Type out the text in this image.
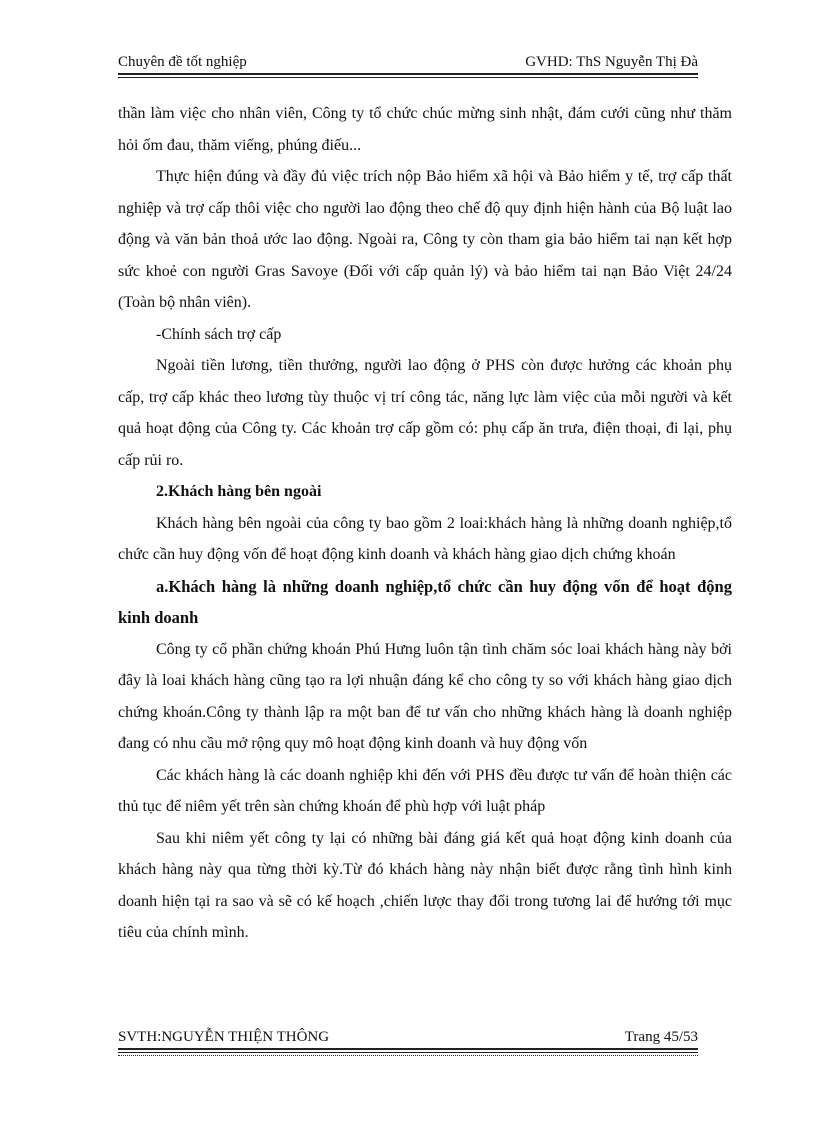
Chuyên đề tốt nghiệp	GVHD: ThS Nguyễn Thị Đà

thần làm việc cho nhân viên, Công ty tổ chức chúc mừng sinh nhật, đám cưới cũng như thăm hỏi ốm đau, thăm viếng, phúng điếu...

Thực hiện đúng và đầy đủ việc trích nộp Bảo hiểm xã hội và Bảo hiểm y tế, trợ cấp thất nghiệp và trợ cấp thôi việc cho người lao động theo chế độ quy định hiện hành của Bộ luật lao động và văn bản thoả ước lao động. Ngoài ra, Công ty còn tham gia bảo hiểm tai nạn kết hợp sức khoẻ con người Gras Savoye (Đối với cấp quản lý) và bảo hiểm tai nạn Bảo Việt 24/24 (Toàn bộ nhân viên).

-Chính sách trợ cấp

Ngoài tiền lương, tiền thưởng, người lao động ở PHS còn được hưởng các khoản phụ cấp, trợ cấp khác theo lương tùy thuộc vị trí công tác, năng lực làm việc của mỗi người và kết quả hoạt động của Công ty. Các khoản trợ cấp gồm có: phụ cấp ăn trưa, điện thoại, đi lại, phụ cấp rủi ro.

2.Khách hàng bên ngoài

Khách hàng bên ngoài của công ty bao gồm 2 loai:khách hàng là những doanh nghiệp,tổ chức cần huy động vốn để hoạt động kinh doanh và khách hàng giao dịch chứng khoán

a.Khách hàng là những doanh nghiệp,tổ chức cần huy động vốn để hoạt động kinh doanh

Công ty cổ phần chứng khoán Phú Hưng luôn tận tình chăm sóc loai khách hàng này bởi đây là loai khách hàng cũng tạo ra lợi nhuận đáng kể cho công ty so với khách hàng giao dịch chứng khoán.Công ty thành lập ra một ban để tư vấn cho những khách hàng là doanh nghiệp đang có nhu cầu mở rộng quy mô hoạt động kinh doanh và huy động vốn

Các khách hàng là các doanh nghiệp khi đến với PHS đều được tư vấn để hoàn thiện các thủ tục để niêm yết trên sàn chứng khoán để phù hợp với luật pháp

Sau khi niêm yết công ty lại có những bài đáng giá kết quả hoạt động kinh doanh của khách hàng này qua từng thời kỳ.Từ đó khách hàng này nhận biết được rằng tình hình kinh doanh hiện tại ra sao và sẽ có kế hoạch ,chiến lược thay đổi trong tương lai để hướng tới mục tiêu của chính mình.

SVTH:NGUYỄN THIỆN THÔNG	Trang 45/53
